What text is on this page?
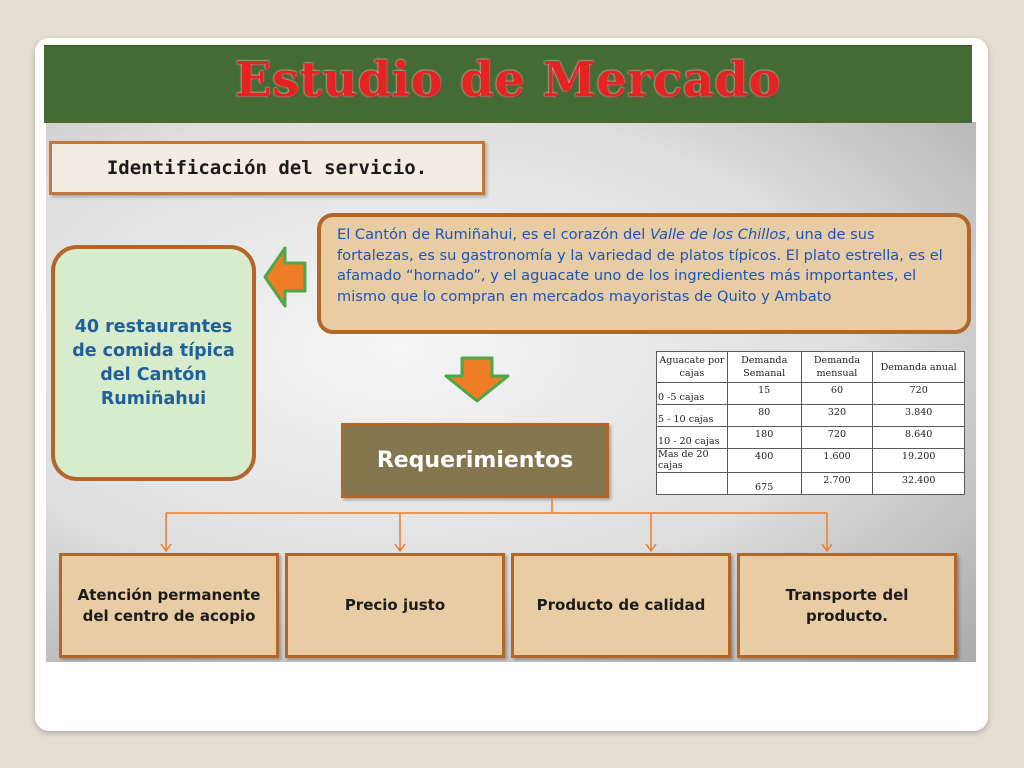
Estudio de Mercado
Identificación del servicio.
El Cantón de Rumiñahui, es el corazón del Valle de los Chillos, una de sus fortalezas, es su gastronomía y la variedad de platos típicos. El plato estrella, es el afamado “hornado”, y el aguacate uno de los ingredientes más importantes, el mismo que lo compran en mercados mayoristas de Quito y Ambato
40 restaurantes de comida típica del Cantón Rumiñahui
Requerimientos
Atención permanente del centro de acopio
Precio justo	Producto de calidad
Transporte del producto.
Aguacate por cajas	Demanda Semanal	Demanda mensual	Demanda anual
0 -5 cajas	15	60	720
5 - 10 cajas	80	320	3.840
10 - 20 cajas	180	720	8.640
Mas de 20 cajas	400	1.600	19.200
	675	2.700	32.400
